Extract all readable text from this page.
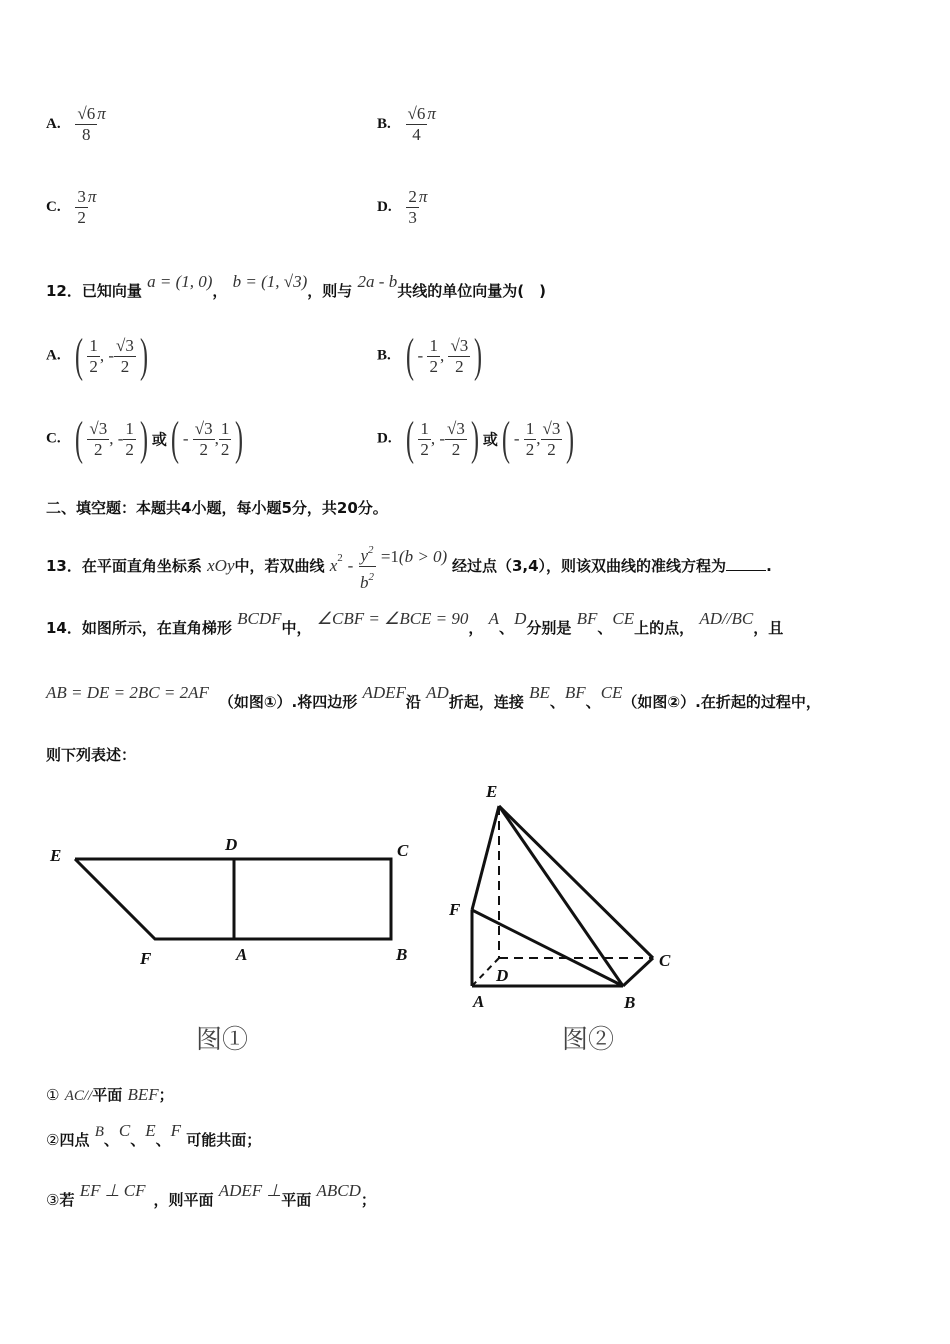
A. $\frac{√6}{8}$ π
B. $\frac{√6}{4}$ π
C. $\frac{3}{2}$ π
D. $\frac{2}{3}$ π
12．已知向量 a = (1, 0)， b = (1, √3)，则与 2a - b共线的单位向量为(　)
A. ( $\frac{1}{2}$ , - $\frac{√3}{2}$ )	B. ( - $\frac{1}{2}$ , $\frac{√3}{2}$ )
C. ( $\frac{√3}{2}$ , - $\frac{1}{2}$ ) 或( - $\frac{√3}{2}$ , $\frac{1}{2}$ )	D. ( $\frac{1}{2}$ , - $\frac{√3}{2}$ ) 或( - $\frac{1}{2}$ , $\frac{√3}{2}$ )
二、填空题：本题共4小题，每小题5分，共20分。
13．在平面直角坐标系 xOy中，若双曲线 $x^2 - \frac{y^2}{b^2} =1(b > 0)$ 经过点（3,4），则该双曲线的准线方程为	.
14．如图所示，在直角梯形 BCDF中， ∠CBF = ∠BCE = 90， A、D分别是 BF、CE上的点， AD//BC，且
AB = DE = 2BC = 2AF （如图①）.将四边形 ADEF沿 AD折起，连接 BE、BF、CE（如图②）.在折起的过程中，
则下列表述：
E
D	C
F	A	B
图①
E
F
D
C
A	B
图②
① AC//平面 BEF；
②四点 B、C、E、F 可能共面；
③若 EF ⊥ CF ，则平面 ADEF ⊥平面 ABCD；
